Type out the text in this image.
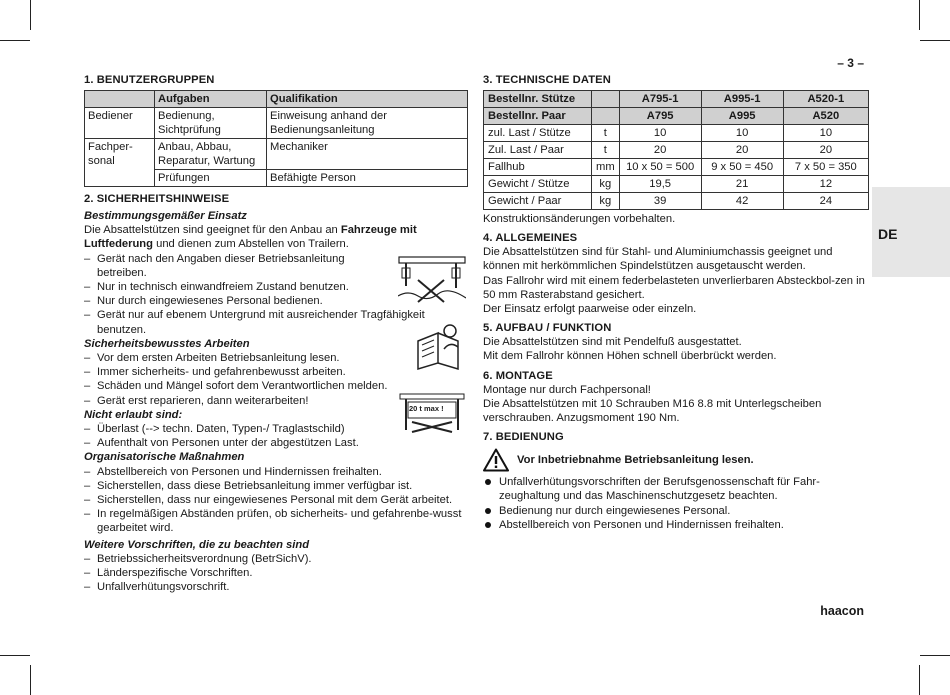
– 3 –
DE
haacon
1. BENUTZERGRUPPEN
	Aufgaben	Qualifikation
Bediener	Bedienung, Sichtprüfung	Einweisung anhand der Bedienungsanleitung
Fachper-sonal	Anbau, Abbau, Reparatur, Wartung	Mechaniker
	Prüfungen	Befähigte Person
2. SICHERHEITSHINWEISE
Bestimmungsgemäßer Einsatz

Die Absattelstützen sind geeignet für den Anbau an Fahrzeuge mit Luftfederung und dienen zum Abstellen von Trailern.

– Gerät nach den Angaben dieser Betriebsanleitung betreiben.
– Nur in technisch einwandfreiem Zustand benutzen.
– Nur durch eingewiesenes Personal bedienen.
– Gerät nur auf ebenem Untergrund mit ausreichender Tragfähigkeit benutzen.
Sicherheitsbewusstes Arbeiten
– Vor dem ersten Arbeiten Betriebsanleitung lesen.
– Immer sicherheits- und gefahrenbewusst arbeiten.
– Schäden und Mängel sofort dem Verantwortlichen melden.
– Gerät erst reparieren, dann weiterarbeiten!
Nicht erlaubt sind:
– Überlast (--> techn. Daten, Typen-/ Traglastschild)
– Aufenthalt von Personen unter der abgestützen Last.
Organisatorische Maßnahmen
– Abstellbereich von Personen und Hindernissen freihalten.
– Sicherstellen, dass diese Betriebsanleitung immer verfügbar ist.
– Sicherstellen, dass nur eingewiesenes Personal mit dem Gerät arbeitet.
– In regelmäßigen Abständen prüfen, ob sicherheits- und gefahrenbe-wusst gearbeitet wird.
Weitere Vorschriften, die zu beachten sind
– Betriebssicherheitsverordnung (BetrSichV).
– Länderspezifische Vorschriften.
– Unfallverhütungsvorschrift.
20 t max !
3. TECHNISCHE DATEN
Bestellnr. Stütze		A795-1	A995-1	A520-1
Bestellnr. Paar		A795	A995	A520
zul. Last / Stütze	t	10	10	10
Zul. Last / Paar	t	20	20	20
Fallhub	mm	10 x 50 = 500	9 x 50 = 450	7 x 50 = 350
Gewicht / Stütze	kg	19,5	21	12
Gewicht / Paar	kg	39	42	24

Konstruktionsänderungen vorbehalten.

4. ALLGEMEINES

Die Absattelstützen sind für Stahl- und Aluminiumchassis geeignet und können mit herkömmlichen Spindelstützen ausgetauscht werden.

Das Fallrohr wird mit einem federbelasteten unverlierbaren Absteckbol-zen in 50 mm Rasterabstand gesichert.

Der Einsatz erfolgt paarweise oder einzeln.

5. AUFBAU / FUNKTION

Die Absattelstützen sind mit Pendelfuß ausgestattet.

Mit dem Fallrohr können Höhen schnell überbrückt werden.

6. MONTAGE

Montage nur durch Fachpersonal!

Die Absattelstützen mit 10 Schrauben M16 8.8 mit Unterlegscheiben verschrauben. Anzugsmoment 190 Nm.

7. BEDIENUNG
Vor Inbetriebnahme Betriebsanleitung lesen.
Unfallverhütungsvorschriften der Berufsgenossenschaft für Fahr-zeughaltung und das Maschinenschutzgesetz beachten.
Bedienung nur durch eingewiesenes Personal.
Abstellbereich von Personen und Hindernissen freihalten.
